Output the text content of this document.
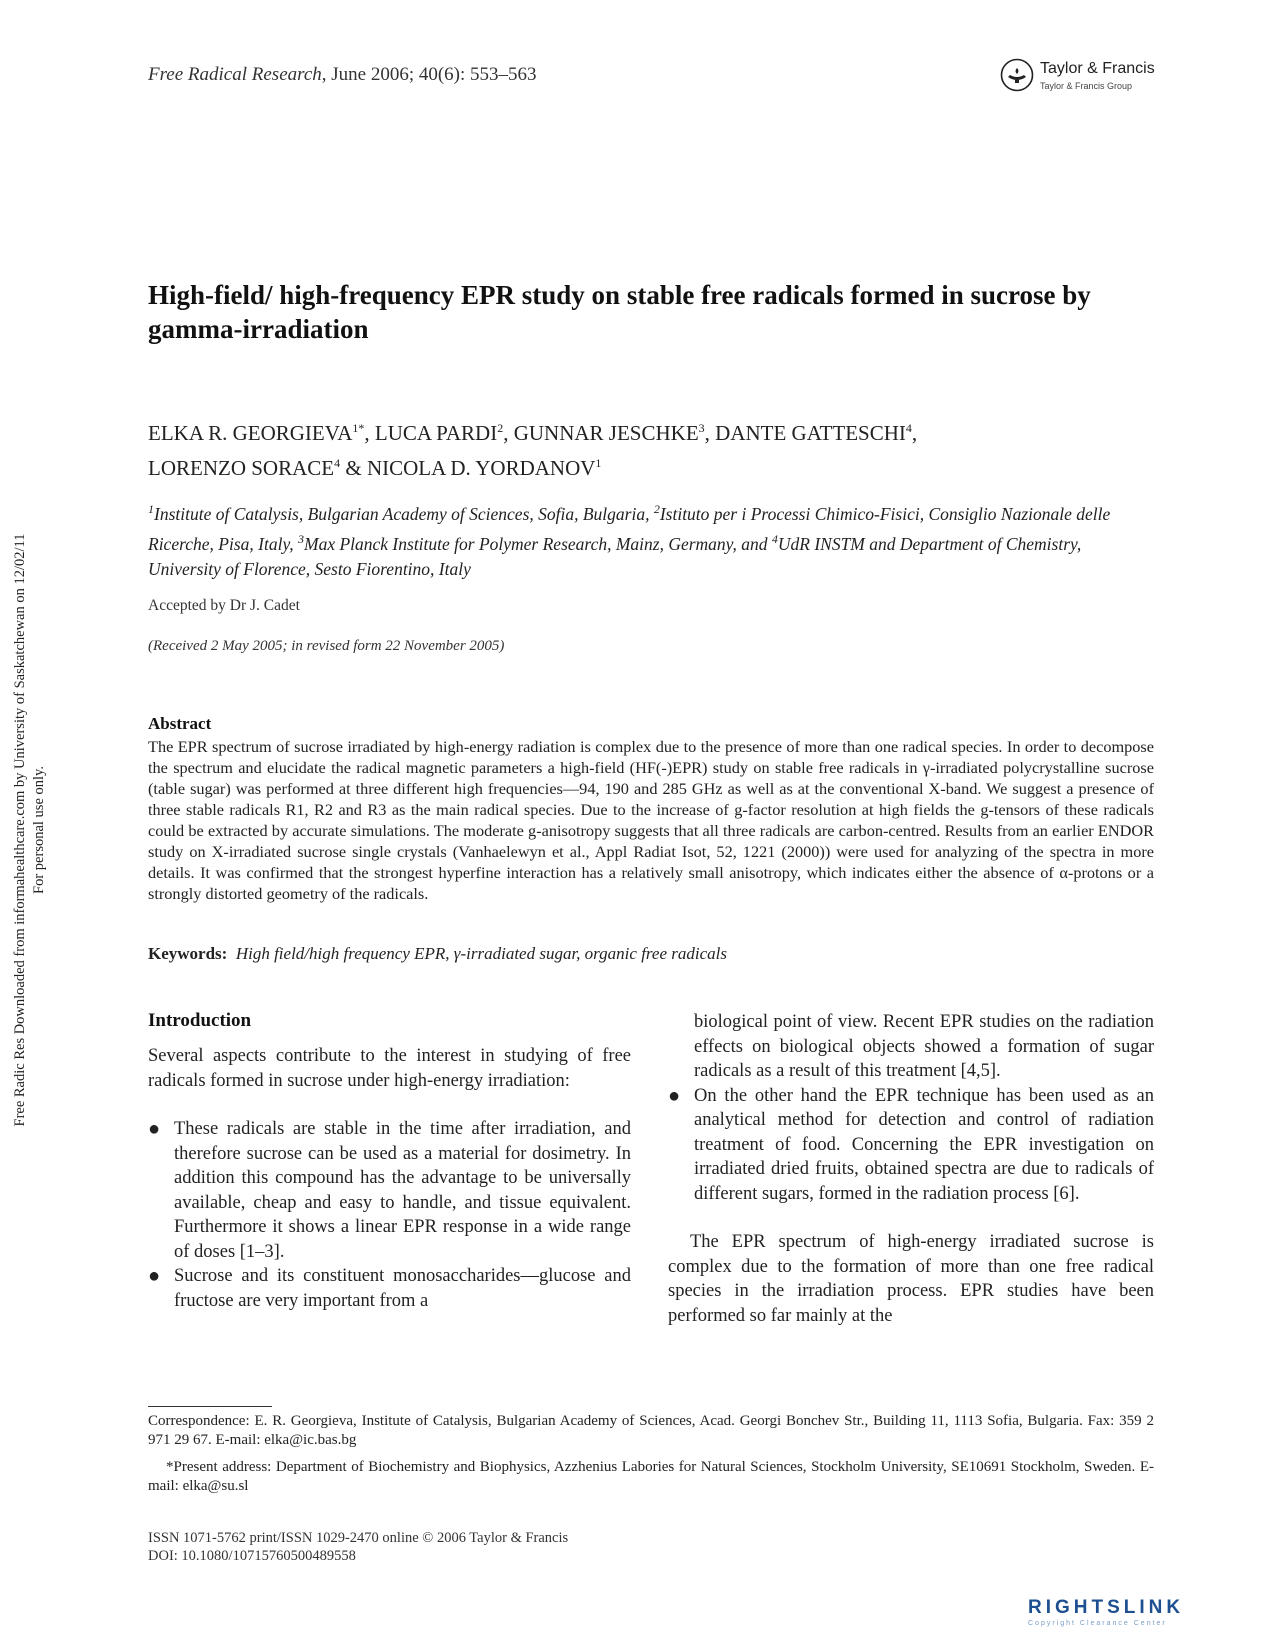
Free Radic Res Downloaded from informahealthcare.com by University of Saskatchewan on 12/02/11 For personal use only.
Free Radical Research, June 2006; 40(6): 553–563	Taylor & Francis
Taylor & Francis Group
High-field/ high-frequency EPR study on stable free radicals formed in sucrose by gamma-irradiation
ELKA R. $GEORGIEVA^{1*}$, LUCA PARDI$^2$, GUNNAR JESCHKE$^3$, DANTE GATTESCHI$^4$,
LORENZO SORACE$^4$ & NICOLA D. YORDANOV$^1$
$^1$Institute of Catalysis, Bulgarian Academy of Sciences, Sofia, Bulgaria, $^2$Istituto per i Processi Chimico-Fisici, Consiglio Nazionale delle Ricerche, Pisa, Italy, $^3$Max Planck Institute for Polymer Research, Mainz, Germany, and $^4$UdR INSTM and Department of Chemistry, University of Florence, Sesto Fiorentino, Italy
Accepted by Dr J. Cadet
(Received 2 May 2005; in revised form 22 November 2005)
Abstract
The EPR spectrum of sucrose irradiated by high-energy radiation is complex due to the presence of more than one radical species. In order to decompose the spectrum and elucidate the radical magnetic parameters a high-field (HF(-)EPR) study on stable free radicals in γ-irradiated polycrystalline sucrose (table sugar) was performed at three different high frequencies—94, 190 and 285 GHz as well as at the conventional X-band. We suggest a presence of three stable radicals R1, R2 and R3 as the main radical species. Due to the increase of g-factor resolution at high fields the g-tensors of these radicals could be extracted by accurate simulations. The moderate g-anisotropy suggests that all three radicals are carbon-centred. Results from an earlier ENDOR study on X-irradiated sucrose single crystals (Vanhaelewyn et al., Appl Radiat Isot, 52, 1221 (2000)) were used for analyzing of the spectra in more details. It was confirmed that the strongest hyperfine interaction has a relatively small anisotropy, which indicates either the absence of α-protons or a strongly distorted geometry of the radicals.
Keywords: High field/high frequency EPR, γ-irradiated sugar, organic free radicals
Introduction
Several aspects contribute to the interest in studying of free radicals formed in sucrose under high-energy irradiation:
● These radicals are stable in the time after irradiation, and therefore sucrose can be used as a material for dosimetry. In addition this compound has the advantage to be universally available, cheap and easy to handle, and tissue equivalent. Furthermore it shows a linear EPR response in a wide range of doses [1–3].
● Sucrose and its constituent monosaccharides—glucose and fructose are very important from a
biological point of view. Recent EPR studies on the radiation effects on biological objects showed a formation of sugar radicals as a result of this treatment [4,5].
● On the other hand the EPR technique has been used as an analytical method for detection and control of radiation treatment of food. Concerning the EPR investigation on irradiated dried fruits, obtained spectra are due to radicals of different sugars, formed in the radiation process [6].
The EPR spectrum of high-energy irradiated sucrose is complex due to the formation of more than one free radical species in the irradiation process. EPR studies have been performed so far mainly at the
Correspondence: E. R. Georgieva, Institute of Catalysis, Bulgarian Academy of Sciences, Acad. Georgi Bonchev Str., Building 11, 1113 Sofia, Bulgaria. Fax: 359 2 971 29 67. E-mail: elka@ic.bas.bg
*Present address: Department of Biochemistry and Biophysics, Azzhenius Labories for Natural Sciences, Stockholm University, SE10691 Stockholm, Sweden. E-mail: elka@su.sl
ISSN 1071-5762 print/ISSN 1029-2470 online © 2006 Taylor & Francis
DOI: 10.1080/10715760500489558
RIGHTSLINK
Copyright Clearance Center
